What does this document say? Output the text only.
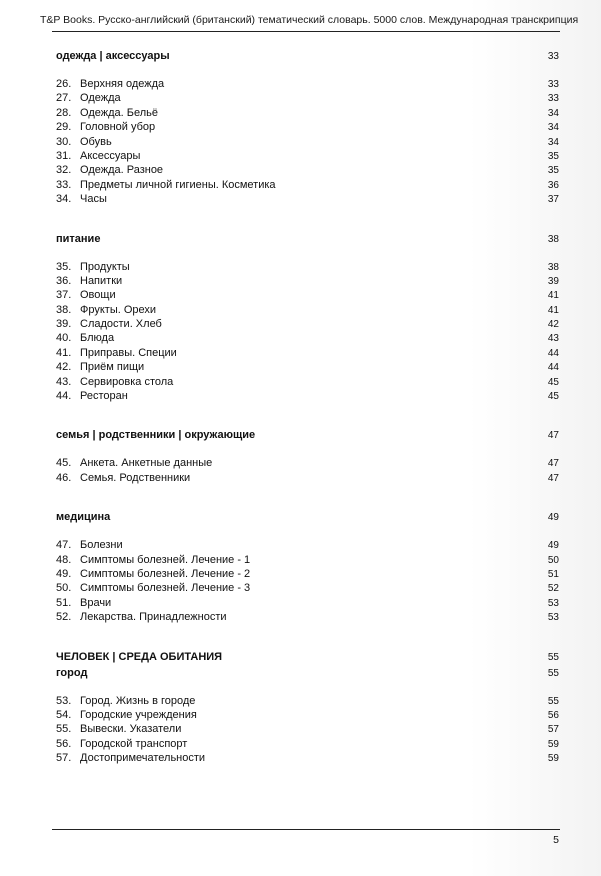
T&P Books. Русско-английский (британский) тематический словарь. 5000 слов. Международная транскрипция
одежда | аксессуары	33
26. Верхняя одежда	33
27. Одежда	33
28. Одежда. Бельё	34
29. Головной убор	34
30. Обувь	34
31. Аксессуары	35
32. Одежда. Разное	35
33. Предметы личной гигиены. Косметика	36
34. Часы	37
питание	38
35. Продукты	38
36. Напитки	39
37. Овощи	41
38. Фрукты. Орехи	41
39. Сладости. Хлеб	42
40. Блюда	43
41. Приправы. Специи	44
42. Приём пищи	44
43. Сервировка стола	45
44. Ресторан	45
семья | родственники | окружающие	47
45. Анкета. Анкетные данные	47
46. Семья. Родственники	47
медицина	49
47. Болезни	49
48. Симптомы болезней. Лечение - 1	50
49. Симптомы болезней. Лечение - 2	51
50. Симптомы болезней. Лечение - 3	52
51. Врачи	53
52. Лекарства. Принадлежности	53
ЧЕЛОВЕК | СРЕДА ОБИТАНИЯ	55
город	55
53. Город. Жизнь в городе	55
54. Городские учреждения	56
55. Вывески. Указатели	57
56. Городской транспорт	59
57. Достопримечательности	59
5
